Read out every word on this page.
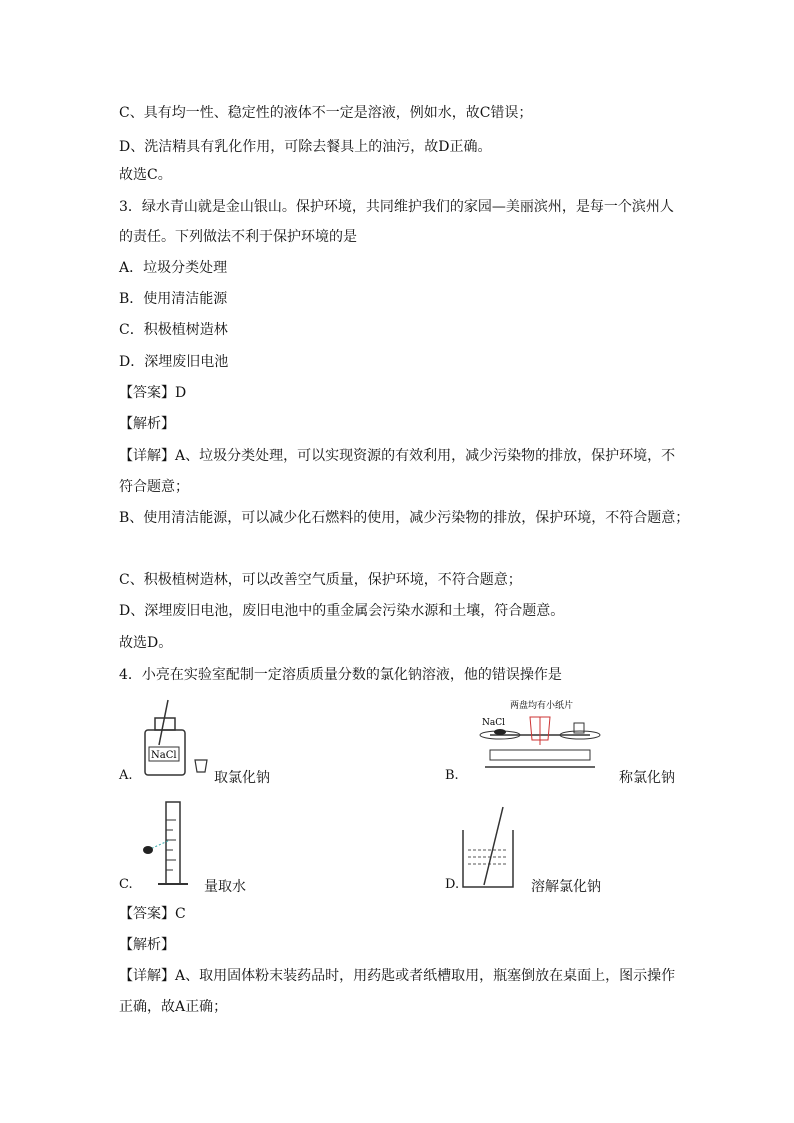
C、具有均一性、稳定性的液体不一定是溶液，例如水，故C错误；
D、洗洁精具有乳化作用，可除去餐具上的油污，故D正确。
故选C。
3．绿水青山就是金山银山。保护环境，共同维护我们的家园—美丽滨州，是每一个滨州人
的责任。下列做法不利于保护环境的是
A．垃圾分类处理
B．使用清洁能源
C．积极植树造林
D．深埋废旧电池
【答案】D
【解析】
【详解】A、垃圾分类处理，可以实现资源的有效利用，减少污染物的排放，保护环境，不
符合题意；
B、使用清洁能源，可以减少化石燃料的使用，减少污染物的排放，保护环境，不符合题意；
C、积极植树造林，可以改善空气质量，保护环境，不符合题意；
D、深埋废旧电池，废旧电池中的重金属会污染水源和土壤，符合题意。
故选D。
4．小亮在实验室配制一定溶质质量分数的氯化钠溶液，他的错误操作是
A.
NaCl
取氯化钠	B.
两盘均有小纸片
NaCl
称氯化钠
C.	量取水	D.	溶解氯化钠
【答案】C
【解析】
【详解】A、取用固体粉末装药品时，用药匙或者纸槽取用，瓶塞倒放在桌面上，图示操作
正确，故A正确；
